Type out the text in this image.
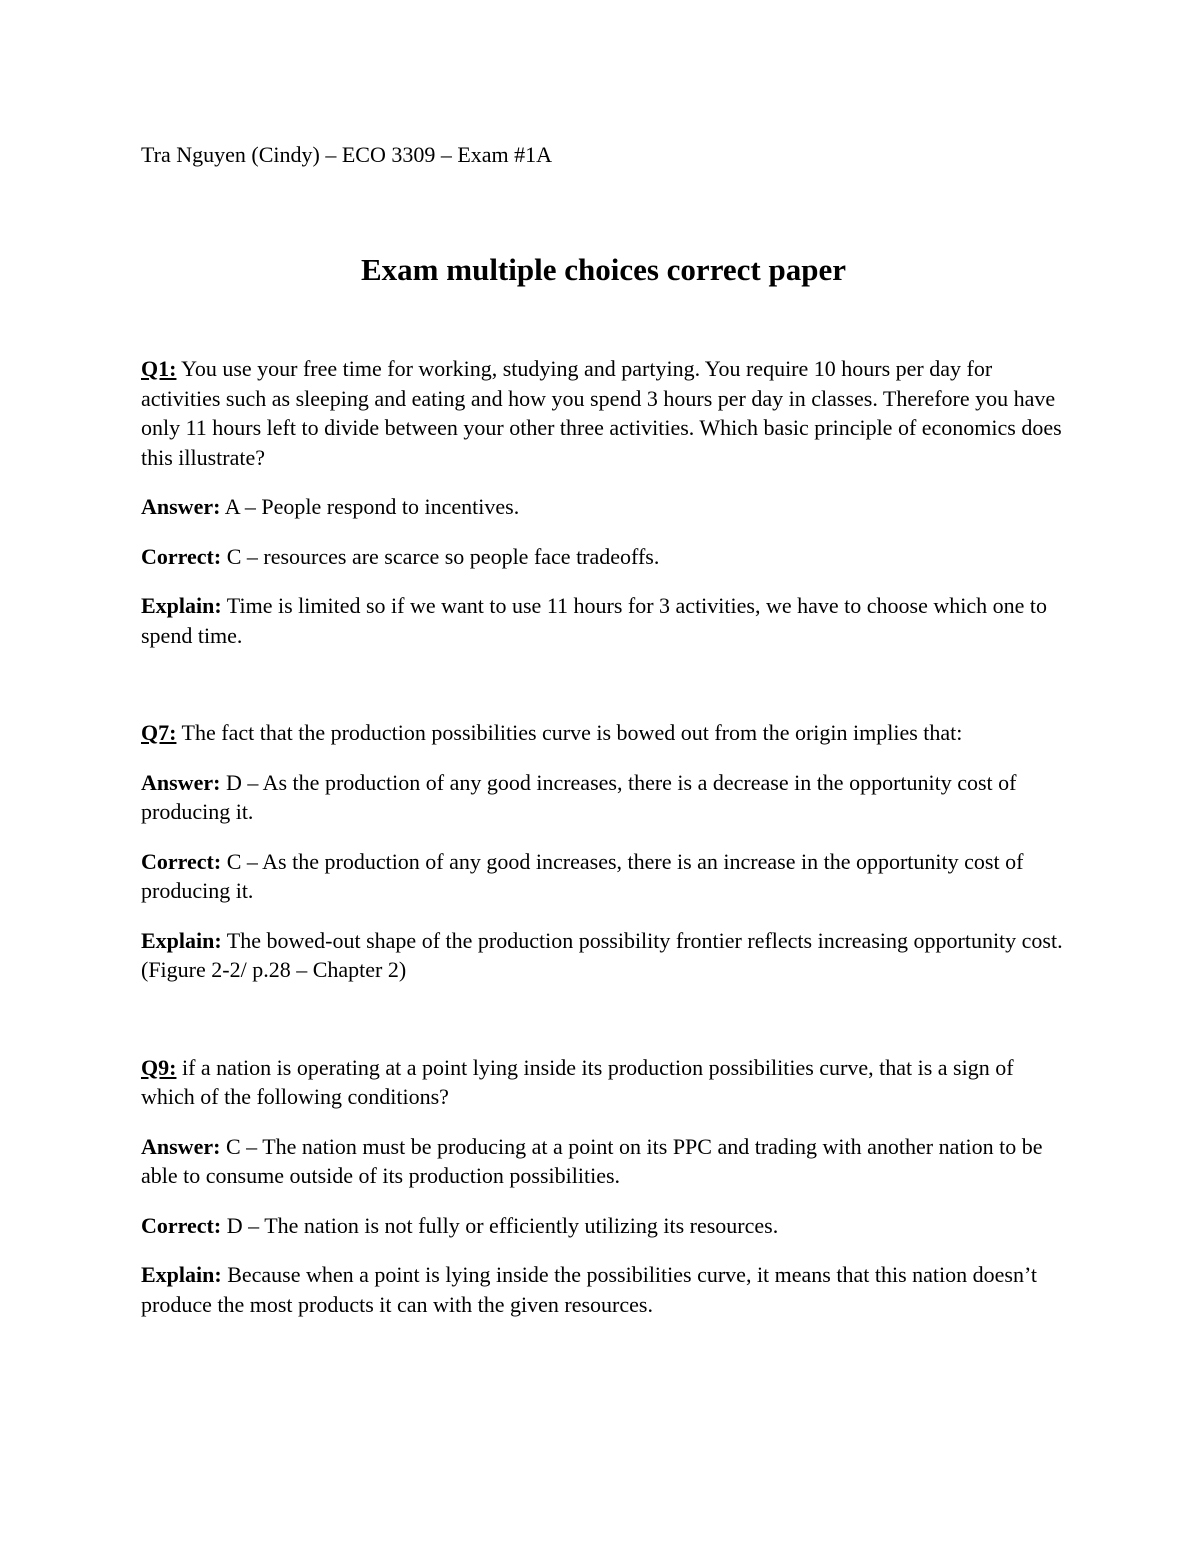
Tra Nguyen (Cindy) – ECO 3309 – Exam #1A

Exam multiple choices correct paper

Q1: You use your free time for working, studying and partying. You require 10 hours per day for activities such as sleeping and eating and how you spend 3 hours per day in classes. Therefore you have only 11 hours left to divide between your other three activities. Which basic principle of economics does this illustrate?

Answer: A – People respond to incentives.

Correct: C – resources are scarce so people face tradeoffs.

Explain: Time is limited so if we want to use 11 hours for 3 activities, we have to choose which one to spend time.

Q7: The fact that the production possibilities curve is bowed out from the origin implies that:

Answer: D – As the production of any good increases, there is a decrease in the opportunity cost of producing it.

Correct: C – As the production of any good increases, there is an increase in the opportunity cost of producing it.

Explain: The bowed-out shape of the production possibility frontier reflects increasing opportunity cost. (Figure 2-2/ p.28 – Chapter 2)

Q9: if a nation is operating at a point lying inside its production possibilities curve, that is a sign of which of the following conditions?

Answer: C – The nation must be producing at a point on its PPC and trading with another nation to be able to consume outside of its production possibilities.

Correct: D – The nation is not fully or efficiently utilizing its resources.

Explain: Because when a point is lying inside the possibilities curve, it means that this nation doesn’t produce the most products it can with the given resources.
